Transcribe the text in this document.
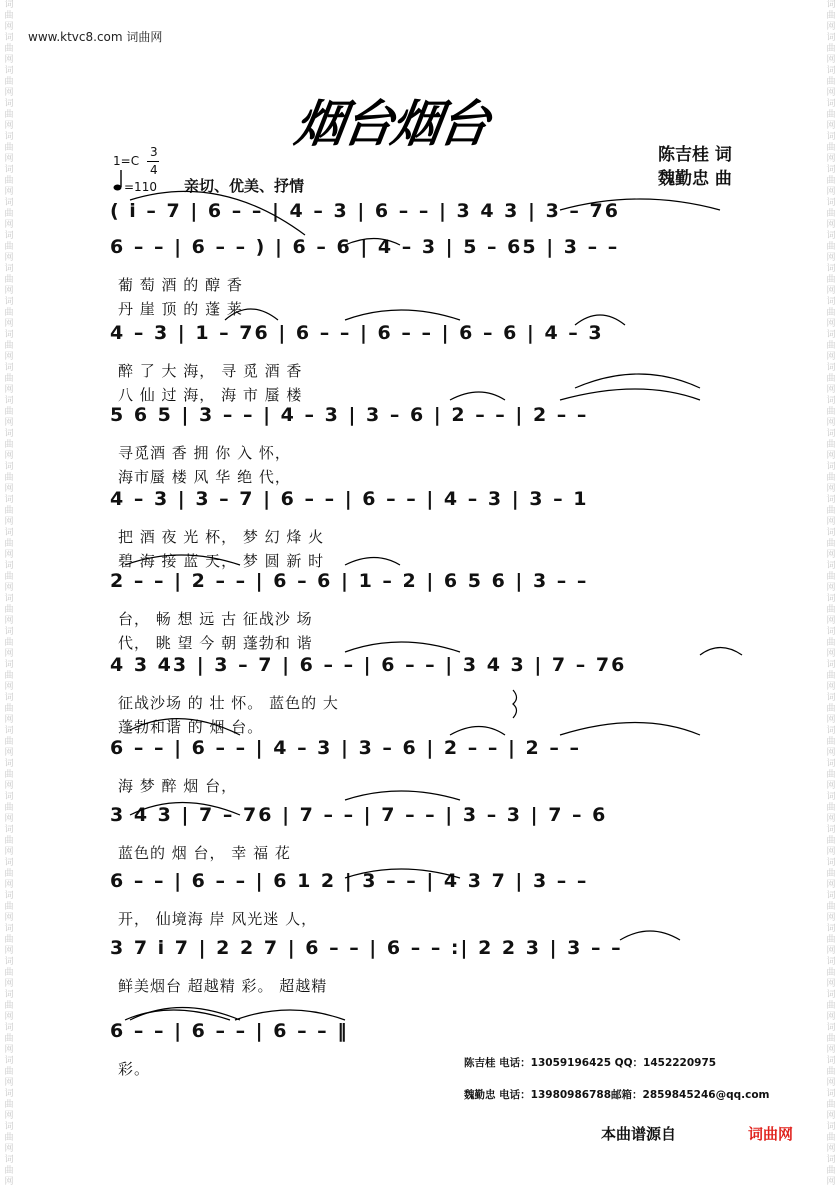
词曲网词曲网词曲网词曲网词曲网词曲网词曲网词曲网词曲网词曲网词曲网词曲网词曲网词曲网词曲网词曲网词曲网词曲网词曲网词曲网词曲网词曲网词曲网词曲网词曲网词曲网词曲网词曲网词曲网词曲网词曲网词曲网词曲网词曲网词曲网词曲网
词曲网词曲网词曲网词曲网词曲网词曲网词曲网词曲网词曲网词曲网词曲网词曲网词曲网词曲网词曲网词曲网词曲网词曲网词曲网词曲网词曲网词曲网词曲网词曲网词曲网词曲网词曲网词曲网词曲网词曲网词曲网词曲网词曲网词曲网词曲网词曲网
www.ktvc8.com 词曲网
烟台烟台
陈吉桂 词
魏勤忠 曲
1=C
3
4
=110 亲切、优美、抒情
( i – 7 | 6 – – | 4 – 3 | 6 – – | 3 4 3 | 3 – 76
6 – – | 6 – – ) | 6 – 6 | 4 – 3 | 5 – 65 | 3 – –
葡 萄 酒 的 醇 香
丹 崖 顶 的 蓬 莱
4 – 3 | 1 – 76 | 6 – – | 6 – – | 6 – 6 | 4 – 3
醉 了 大 海， 寻 觅 酒 香
八 仙 过 海， 海 市 蜃 楼
5 6 5 | 3 – – | 4 – 3 | 3 – 6 | 2 – – | 2 – –
寻觅酒 香 拥 你 入 怀，
海市蜃 楼 风 华 绝 代，
4 – 3 | 3 – 7 | 6 – – | 6 – – | 4 – 3 | 3 – 1
把 酒 夜 光 杯， 梦 幻 烽 火
碧 海 接 蓝 天， 梦 圆 新 时
2 – – | 2 – – | 6 – 6 | 1 – 2 | 6 5 6 | 3 – –
台， 畅 想 远 古 征战沙 场
代， 眺 望 今 朝 蓬勃和 谐
4 3 43 | 3 – 7 | 6 – – | 6 – – | 3 4 3 | 7 – 76
征战沙场 的 壮 怀。 蓝色的 大
蓬勃和谐 的 烟 台。
6 – – | 6 – – | 4 – 3 | 3 – 6 | 2 – – | 2 – –
海 梦 醉 烟 台，
3 4 3 | 7 – 76 | 7 – – | 7 – – | 3 – 3 | 7 – 6
蓝色的 烟 台， 幸 福 花
6 – – | 6 – – | 6 1 2 | 3 – – | 4 3 7 | 3 – –
开， 仙境海 岸 风光迷 人，
3 7 i 7 | 2 2 7 | 6 – – | 6 – – :| 2 2 3 | 3 – –
鲜美烟台 超越精 彩。 超越精
6 – – | 6 – – | 6 – – ‖
彩。	陈吉桂 电话：13059196425 QQ：1452220975
魏勤忠 电话：13980986788邮箱：2859845246@qq.com
本曲谱源自	词曲网
